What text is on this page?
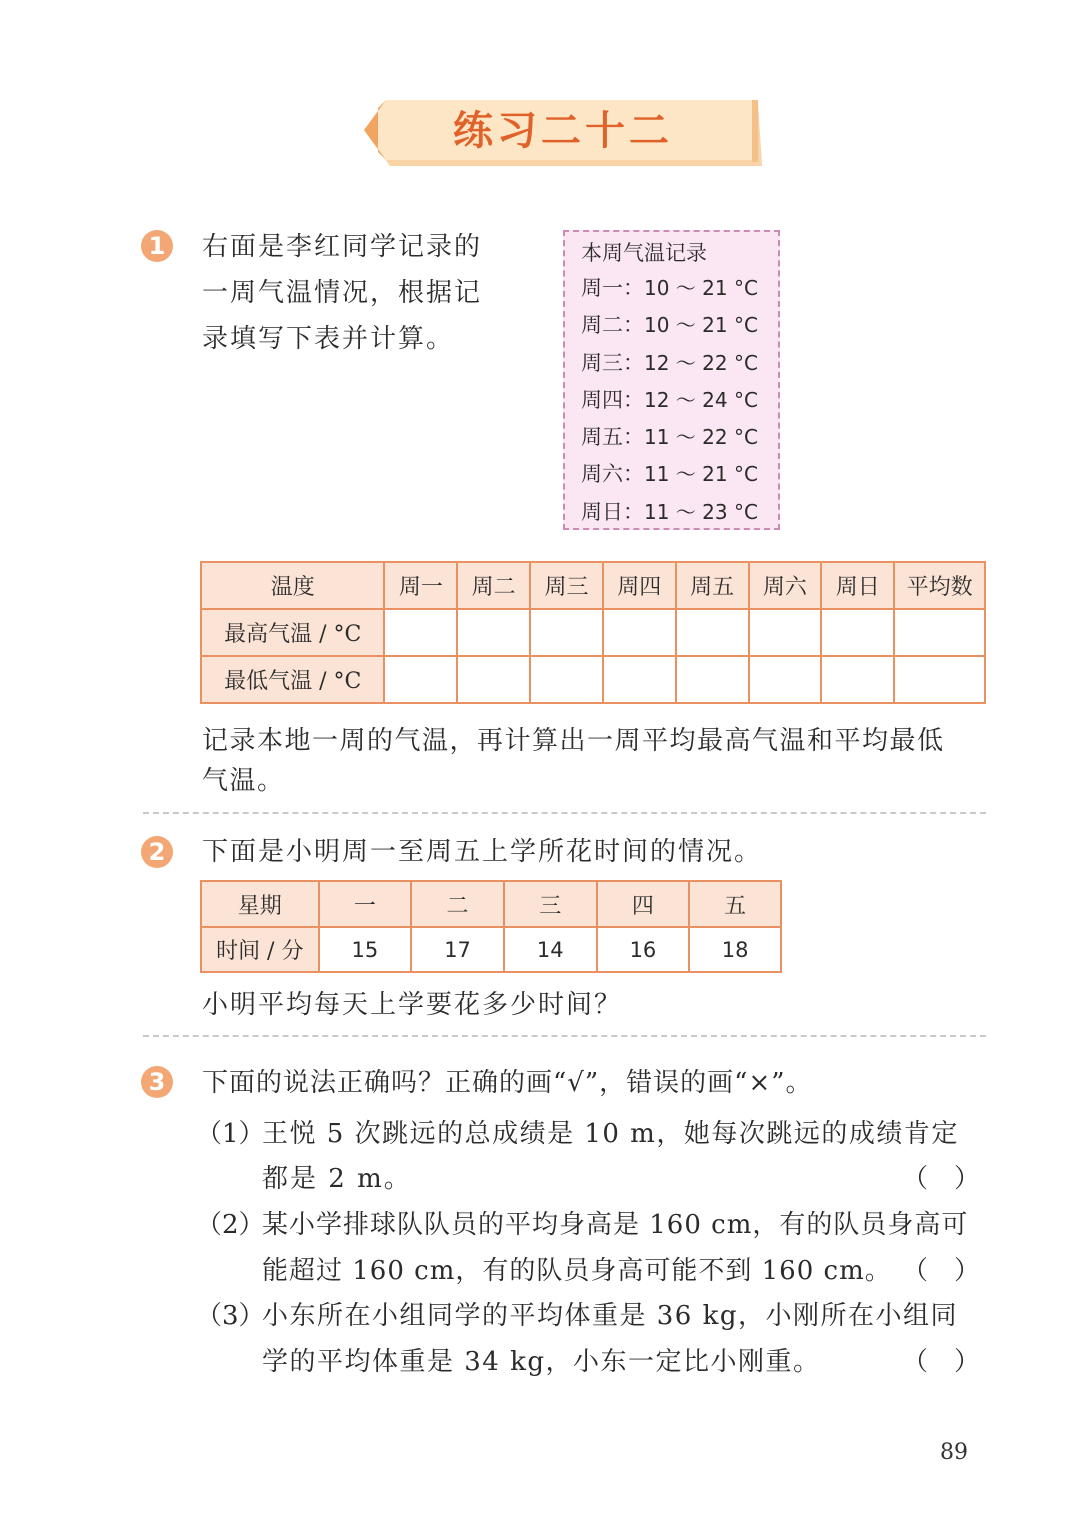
练习二十二
1 右面是李红同学记录的
一周气温情况，根据记
录填写下表并计算。
本周气温记录
周一：10 ～ 21 °C
周二：10 ～ 21 °C
周三：12 ～ 22 °C
周四：12 ～ 24 °C
周五：11 ～ 22 °C
周六：11 ～ 21 °C
周日：11 ～ 23 °C
温度	周一	周二	周三	周四	周五	周六	周日	平均数
最高气温 / °C								
最低气温 / °C								
记录本地一周的气温，再计算出一周平均最高气温和平均最低
气温。
2 下面是小明周一至周五上学所花时间的情况。
星期	一	二	三	四	五
时间 / 分	15	17	14	16	18
小明平均每天上学要花多少时间？
3 下面的说法正确吗？正确的画“√”，错误的画“×”。
（1）
王悦 5 次跳远的总成绩是 10 m，她每次跳远的成绩肯定
都是 2 m。	（　）
（2）
某小学排球队队员的平均身高是 160 cm，有的队员身高可
能超过 160 cm，有的队员身高可能不到 160 cm。 （　）
（3）
小东所在小组同学的平均体重是 36 kg，小刚所在小组同
学的平均体重是 34 kg，小东一定比小刚重。	（　）
89
